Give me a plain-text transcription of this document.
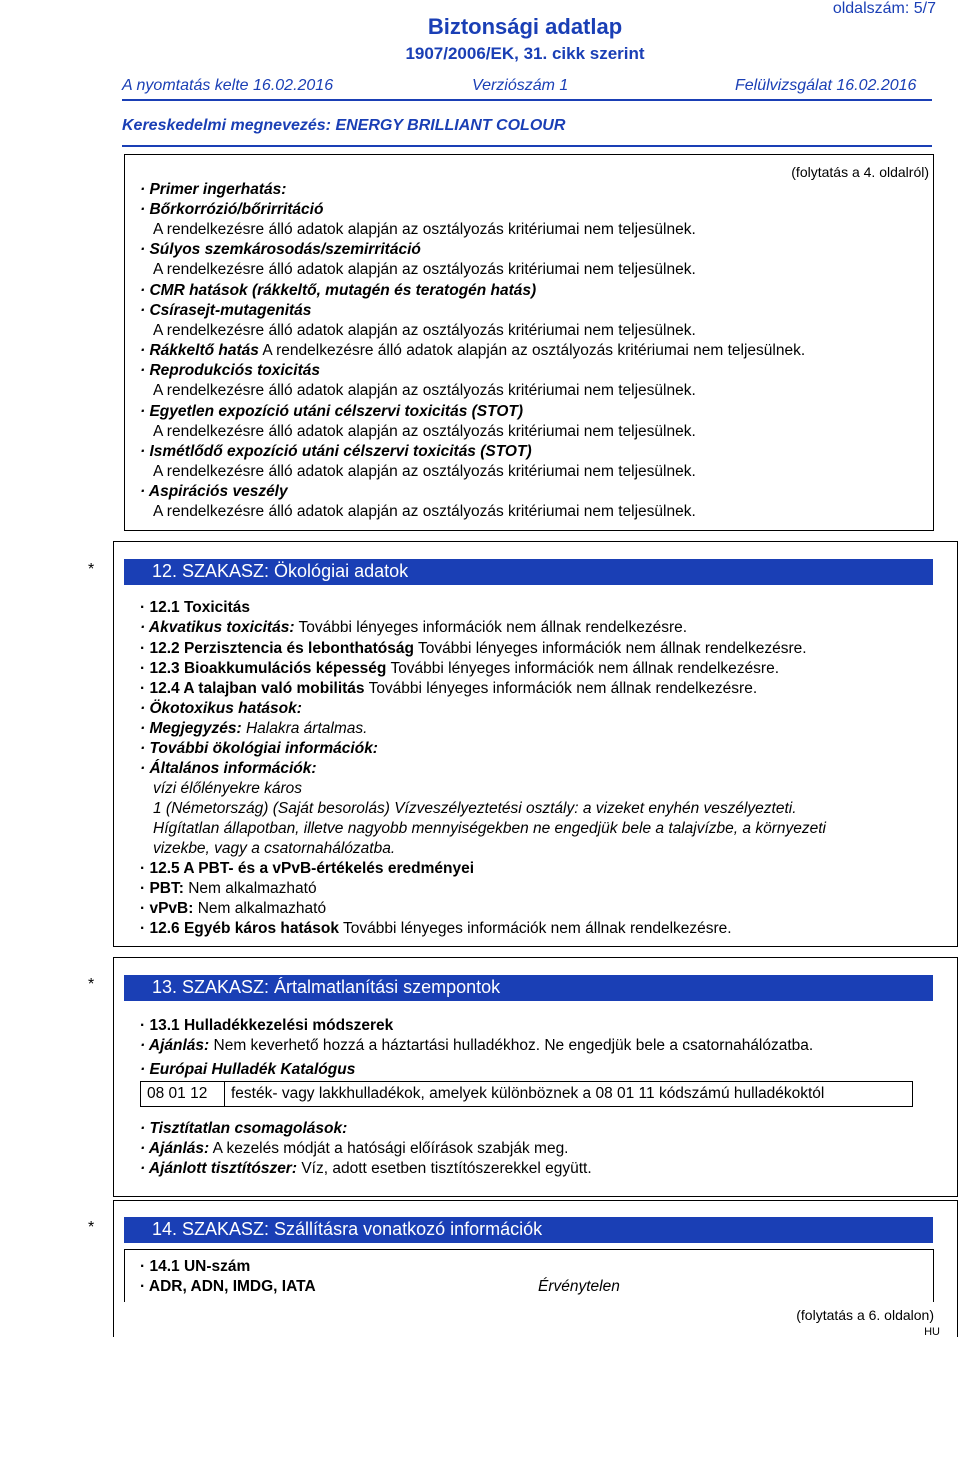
oldalszám: 5/7
Biztonsági adatlap
1907/2006/EK, 31. cikk szerint
A nyomtatás kelte 16.02.2016	Verziószám 1	Felülvizsgálat 16.02.2016
Kereskedelmi megnevezés: ENERGY BRILLIANT COLOUR
(folytatás a 4. oldalról)
· Primer ingerhatás:
· Bőrkorrózió/bőrirritáció
A rendelkezésre álló adatok alapján az osztályozás kritériumai nem teljesülnek.
· Súlyos szemkárosodás/szemirritáció
A rendelkezésre álló adatok alapján az osztályozás kritériumai nem teljesülnek.
· CMR hatások (rákkeltő, mutagén és teratogén hatás)
· Csírasejt-mutagenitás
A rendelkezésre álló adatok alapján az osztályozás kritériumai nem teljesülnek.
· Rákkeltő hatás A rendelkezésre álló adatok alapján az osztályozás kritériumai nem teljesülnek.
· Reprodukciós toxicitás
A rendelkezésre álló adatok alapján az osztályozás kritériumai nem teljesülnek.
· Egyetlen expozíció utáni célszervi toxicitás (STOT)
A rendelkezésre álló adatok alapján az osztályozás kritériumai nem teljesülnek.
· Ismétlődő expozíció utáni célszervi toxicitás (STOT)
A rendelkezésre álló adatok alapján az osztályozás kritériumai nem teljesülnek.
· Aspirációs veszély
A rendelkezésre álló adatok alapján az osztályozás kritériumai nem teljesülnek.
*	12. SZAKASZ: Ökológiai adatok
· 12.1 Toxicitás
· Akvatikus toxicitás: További lényeges információk nem állnak rendelkezésre.
· 12.2 Perzisztencia és lebonthatóság További lényeges információk nem állnak rendelkezésre.
· 12.3 Bioakkumulációs képesség További lényeges információk nem állnak rendelkezésre.
· 12.4 A talajban való mobilitás További lényeges információk nem állnak rendelkezésre.
· Ökotoxikus hatások:
· Megjegyzés: Halakra ártalmas.
· További ökológiai információk:
· Általános információk:
vízi élőlényekre káros
1 (Németország) (Saját besorolás) Vízveszélyeztetési osztály: a vizeket enyhén veszélyezteti.
Hígítatlan állapotban, illetve nagyobb mennyiségekben ne engedjük bele a talajvízbe, a környezeti
vizekbe, vagy a csatornahálózatba.
· 12.5 A PBT- és a vPvB-értékelés eredményei
· PBT: Nem alkalmazható
· vPvB: Nem alkalmazható
· 12.6 Egyéb káros hatások További lényeges információk nem állnak rendelkezésre.
*	13. SZAKASZ: Ártalmatlanítási szempontok
· 13.1 Hulladékkezelési módszerek
· Ajánlás: Nem keverhető hozzá a háztartási hulladékhoz. Ne engedjük bele a csatornahálózatba.
· Európai Hulladék Katalógus
08 01 12 festék- vagy lakkhulladékok, amelyek különböznek a 08 01 11 kódszámú hulladékoktól
· Tisztítatlan csomagolások:
· Ajánlás: A kezelés módját a hatósági előírások szabják meg.
· Ajánlott tisztítószer: Víz, adott esetben tisztítószerekkel együtt.
*	14. SZAKASZ: Szállításra vonatkozó információk
· 14.1 UN-szám
· ADR, ADN, IMDG, IATA	Érvénytelen
(folytatás a 6. oldalon)
HU
